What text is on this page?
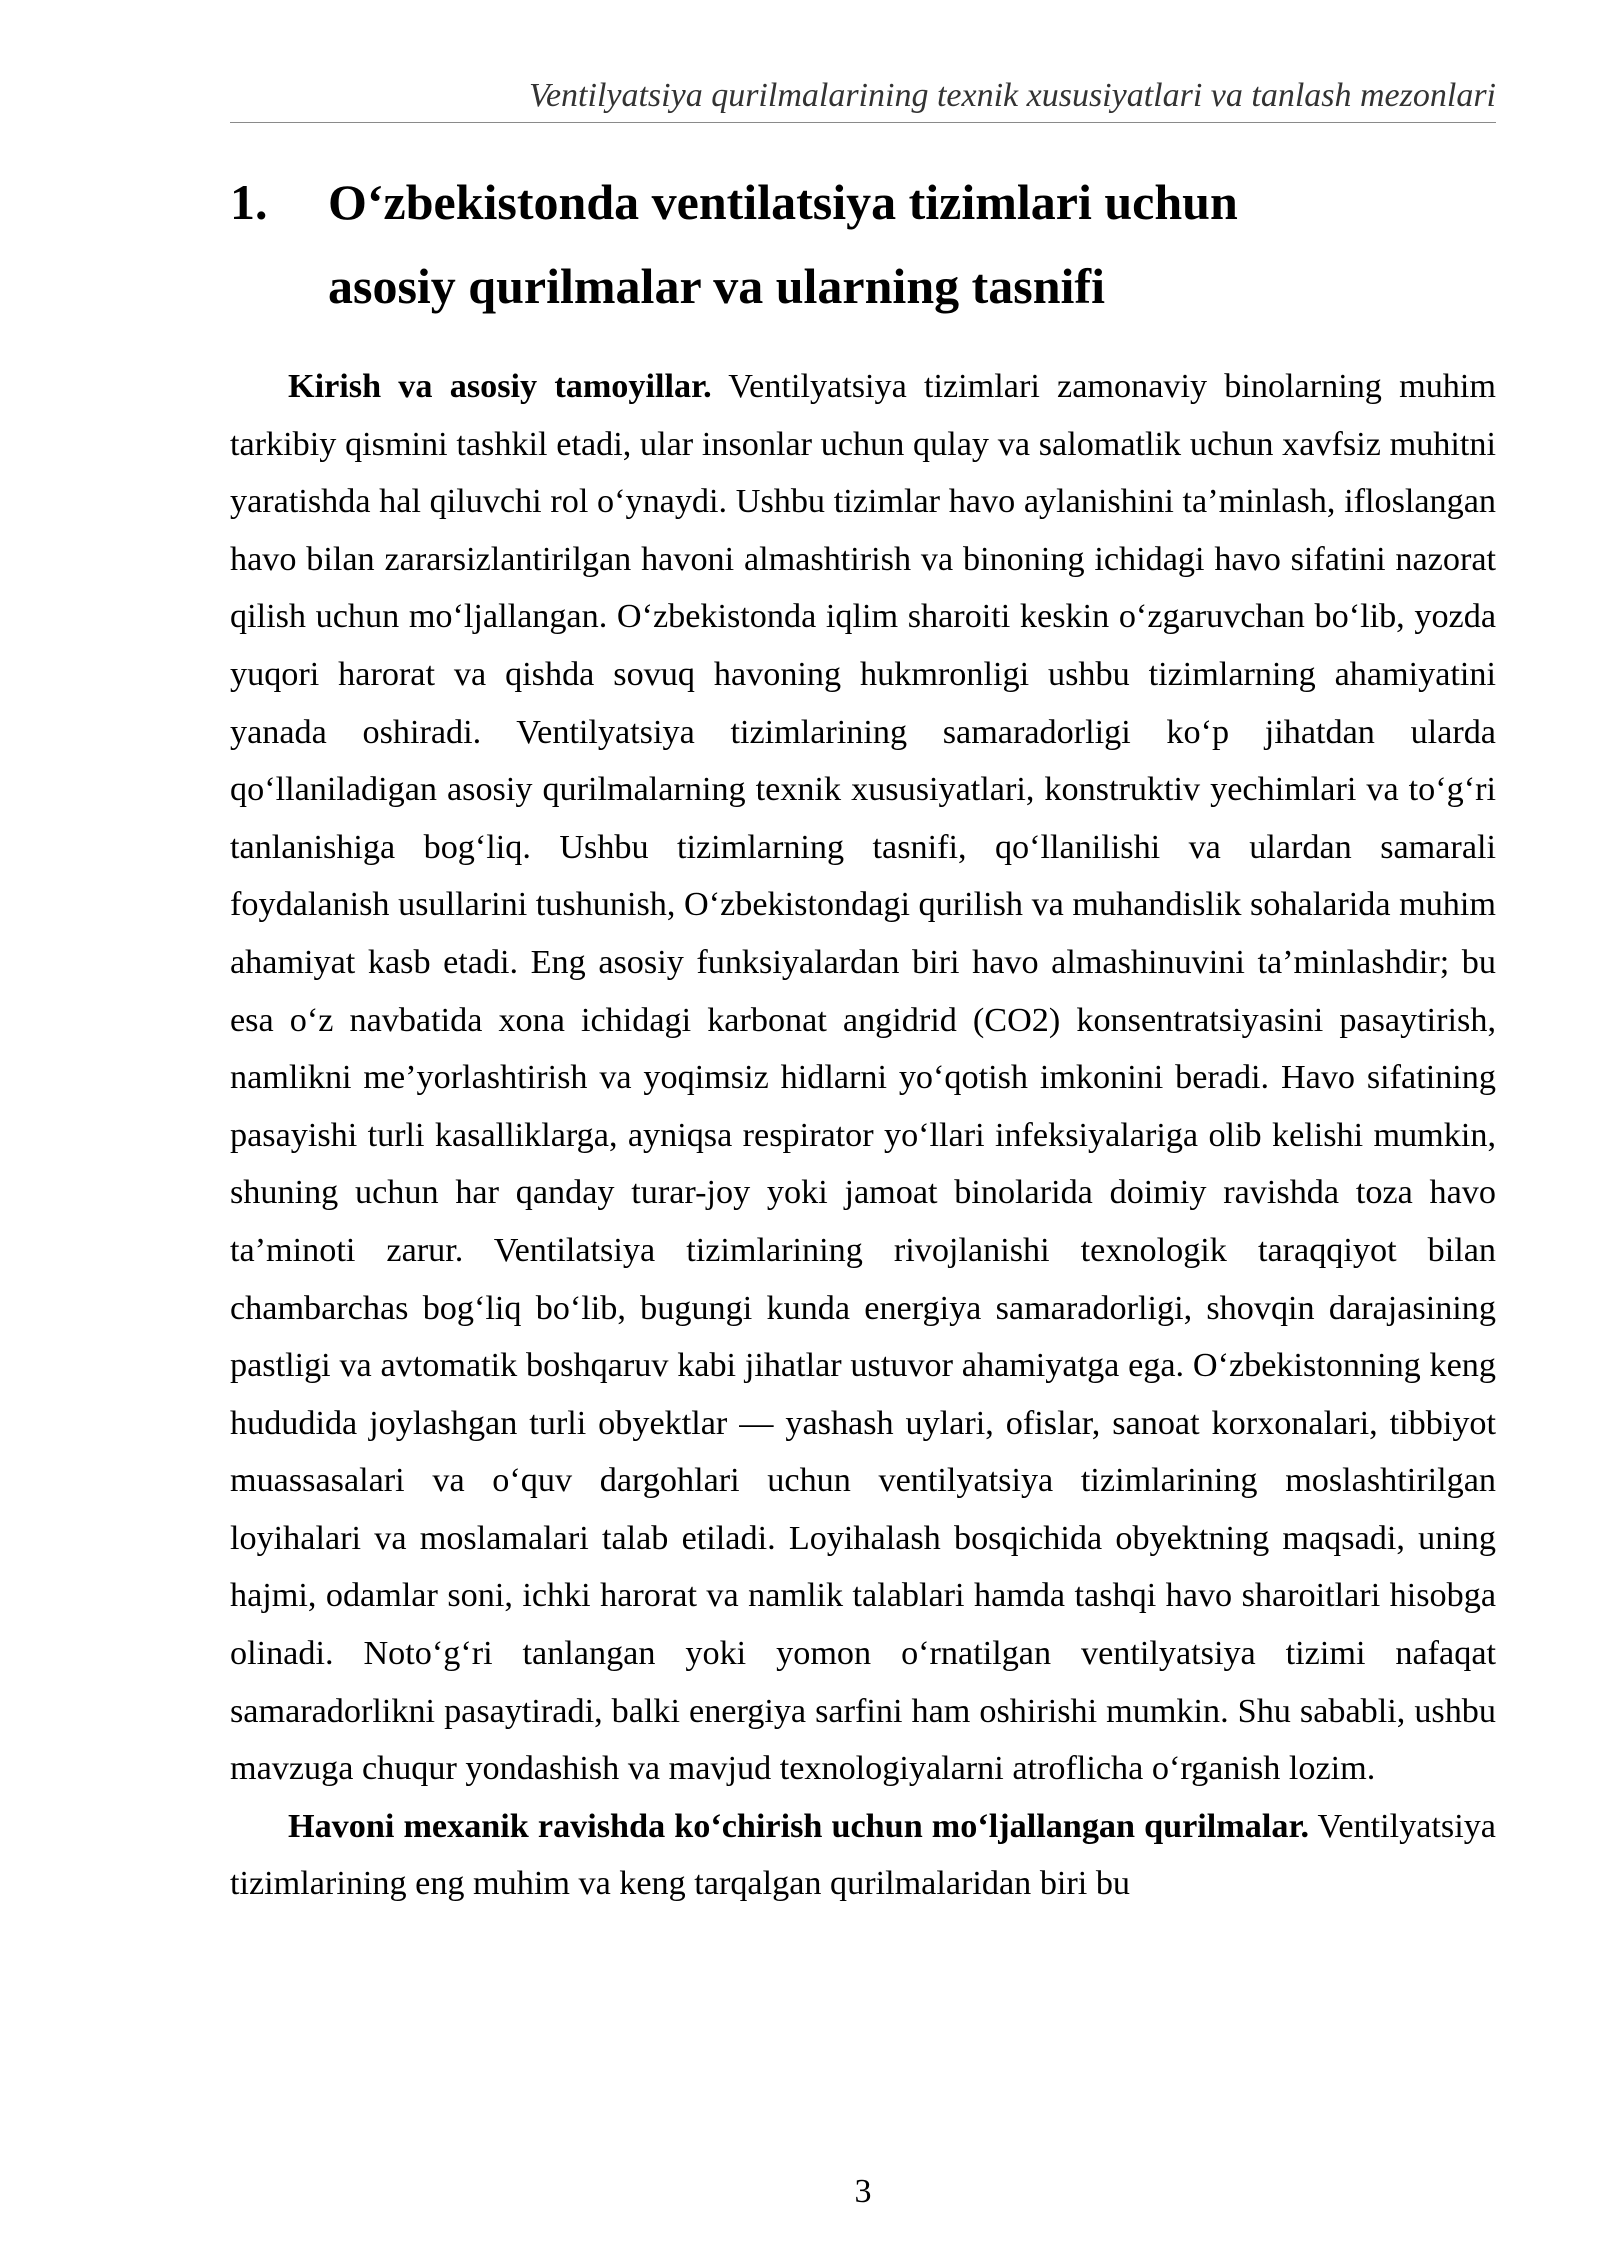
Ventilyatsiya qurilmalarining texnik xususiyatlari va tanlash mezonlari
1.	O‘zbekistonda ventilatsiya tizimlari uchun
asosiy qurilmalar va ularning tasnifi

Kirish va asosiy tamoyillar. Ventilyatsiya tizimlari zamonaviy binolarning muhim tarkibiy qismini tashkil etadi, ular insonlar uchun qulay va salomatlik uchun xavfsiz muhitni yaratishda hal qiluvchi rol o‘ynaydi. Ushbu tizimlar havo aylanishini ta’minlash, ifloslangan havo bilan zararsizlantirilgan havoni almashtirish va binoning ichidagi havo sifatini nazorat qilish uchun mo‘ljallangan. O‘zbekistonda iqlim sharoiti keskin o‘zgaruvchan bo‘lib, yozda yuqori harorat va qishda sovuq havoning hukmronligi ushbu tizimlarning ahamiyatini yanada oshiradi. Ventilyatsiya tizimlarining samaradorligi ko‘p jihatdan ularda qo‘llaniladigan asosiy qurilmalarning texnik xususiyatlari, konstruktiv yechimlari va to‘g‘ri tanlanishiga bog‘liq. Ushbu tizimlarning tasnifi, qo‘llanilishi va ulardan samarali foydalanish usullarini tushunish, O‘zbekistondagi qurilish va muhandislik sohalarida muhim ahamiyat kasb etadi. Eng asosiy funksiyalardan biri havo almashinuvini ta’minlashdir; bu esa o‘z navbatida xona ichidagi karbonat angidrid (CO2) konsentratsiyasini pasaytirish, namlikni me’yorlashtirish va yoqimsiz hidlarni yo‘qotish imkonini beradi. Havo sifatining pasayishi turli kasalliklarga, ayniqsa respirator yo‘llari infeksiyalariga olib kelishi mumkin, shuning uchun har qanday turar-joy yoki jamoat binolarida doimiy ravishda toza havo ta’minoti zarur. Ventilatsiya tizimlarining rivojlanishi texnologik taraqqiyot bilan chambarchas bog‘liq bo‘lib, bugungi kunda energiya samaradorligi, shovqin darajasining pastligi va avtomatik boshqaruv kabi jihatlar ustuvor ahamiyatga ega. O‘zbekistonning keng hududida joylashgan turli obyektlar — yashash uylari, ofislar, sanoat korxonalari, tibbiyot muassasalari va o‘quv dargohlari uchun ventilyatsiya tizimlarining moslashtirilgan loyihalari va moslamalari talab etiladi. Loyihalash bosqichida obyektning maqsadi, uning hajmi, odamlar soni, ichki harorat va namlik talablari hamda tashqi havo sharoitlari hisobga olinadi. Noto‘g‘ri tanlangan yoki yomon o‘rnatilgan ventilyatsiya tizimi nafaqat samaradorlikni pasaytiradi, balki energiya sarfini ham oshirishi mumkin. Shu sababli, ushbu mavzuga chuqur yondashish va mavjud texnologiyalarni atroflicha o‘rganish lozim.

Havoni mexanik ravishda ko‘chirish uchun mo‘ljallangan qurilmalar. Ventilyatsiya tizimlarining eng muhim va keng tarqalgan qurilmalaridan biri bu

3
